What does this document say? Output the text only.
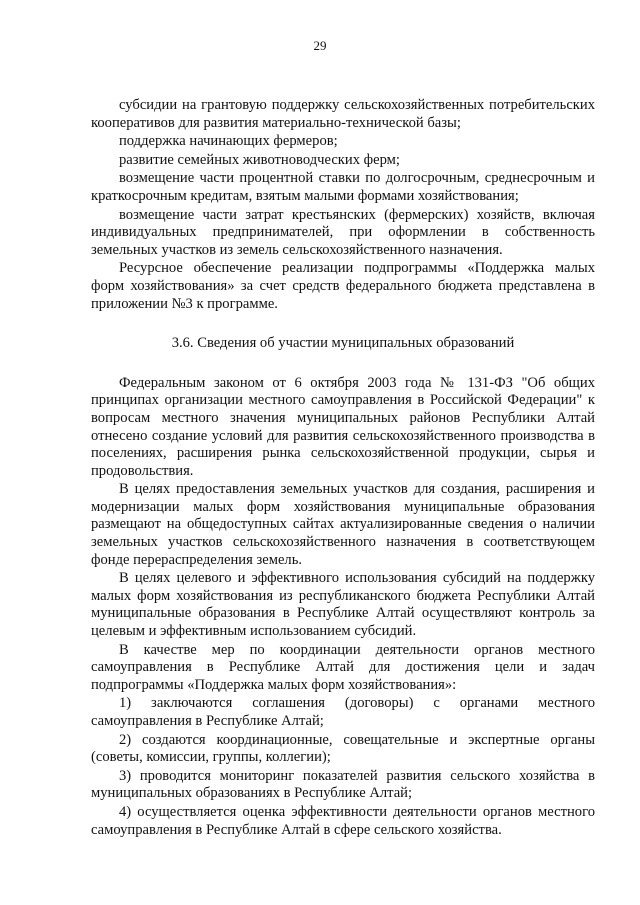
29

субсидии на грантовую поддержку сельскохозяйственных потребительских кооперативов для развития материально-технической базы;

поддержка начинающих фермеров;

развитие семейных животноводческих ферм;

возмещение части процентной ставки по долгосрочным, среднесрочным и краткосрочным кредитам, взятым малыми формами хозяйствования;

возмещение части затрат крестьянских (фермерских) хозяйств, включая индивидуальных предпринимателей, при оформлении в собственность земельных участков из земель сельскохозяйственного назначения.

Ресурсное обеспечение реализации подпрограммы «Поддержка малых форм хозяйствования» за счет средств федерального бюджета представлена в приложении №3 к программе.

3.6. Сведения об участии муниципальных образований

Федеральным законом от 6 октября 2003 года № 131-ФЗ "Об общих принципах организации местного самоуправления в Российской Федерации" к вопросам местного значения муниципальных районов Республики Алтай отнесено создание условий для развития сельскохозяйственного производства в поселениях, расширения рынка сельскохозяйственной продукции, сырья и продовольствия.

В целях предоставления земельных участков для создания, расширения и модернизации малых форм хозяйствования муниципальные образования размещают на общедоступных сайтах актуализированные сведения о наличии земельных участков сельскохозяйственного назначения в соответствующем фонде перераспределения земель.

В целях целевого и эффективного использования субсидий на поддержку малых форм хозяйствования из республиканского бюджета Республики Алтай муниципальные образования в Республике Алтай осуществляют контроль за целевым и эффективным использованием субсидий.

В качестве мер по координации деятельности органов местного самоуправления в Республике Алтай для достижения цели и задач подпрограммы «Поддержка малых форм хозяйствования»:

1) заключаются соглашения (договоры) с органами местного самоуправления в Республике Алтай;

2) создаются координационные, совещательные и экспертные органы (советы, комиссии, группы, коллегии);

3) проводится мониторинг показателей развития сельского хозяйства в муниципальных образованиях в Республике Алтай;

4) осуществляется оценка эффективности деятельности органов местного самоуправления в Республике Алтай в сфере сельского хозяйства.
